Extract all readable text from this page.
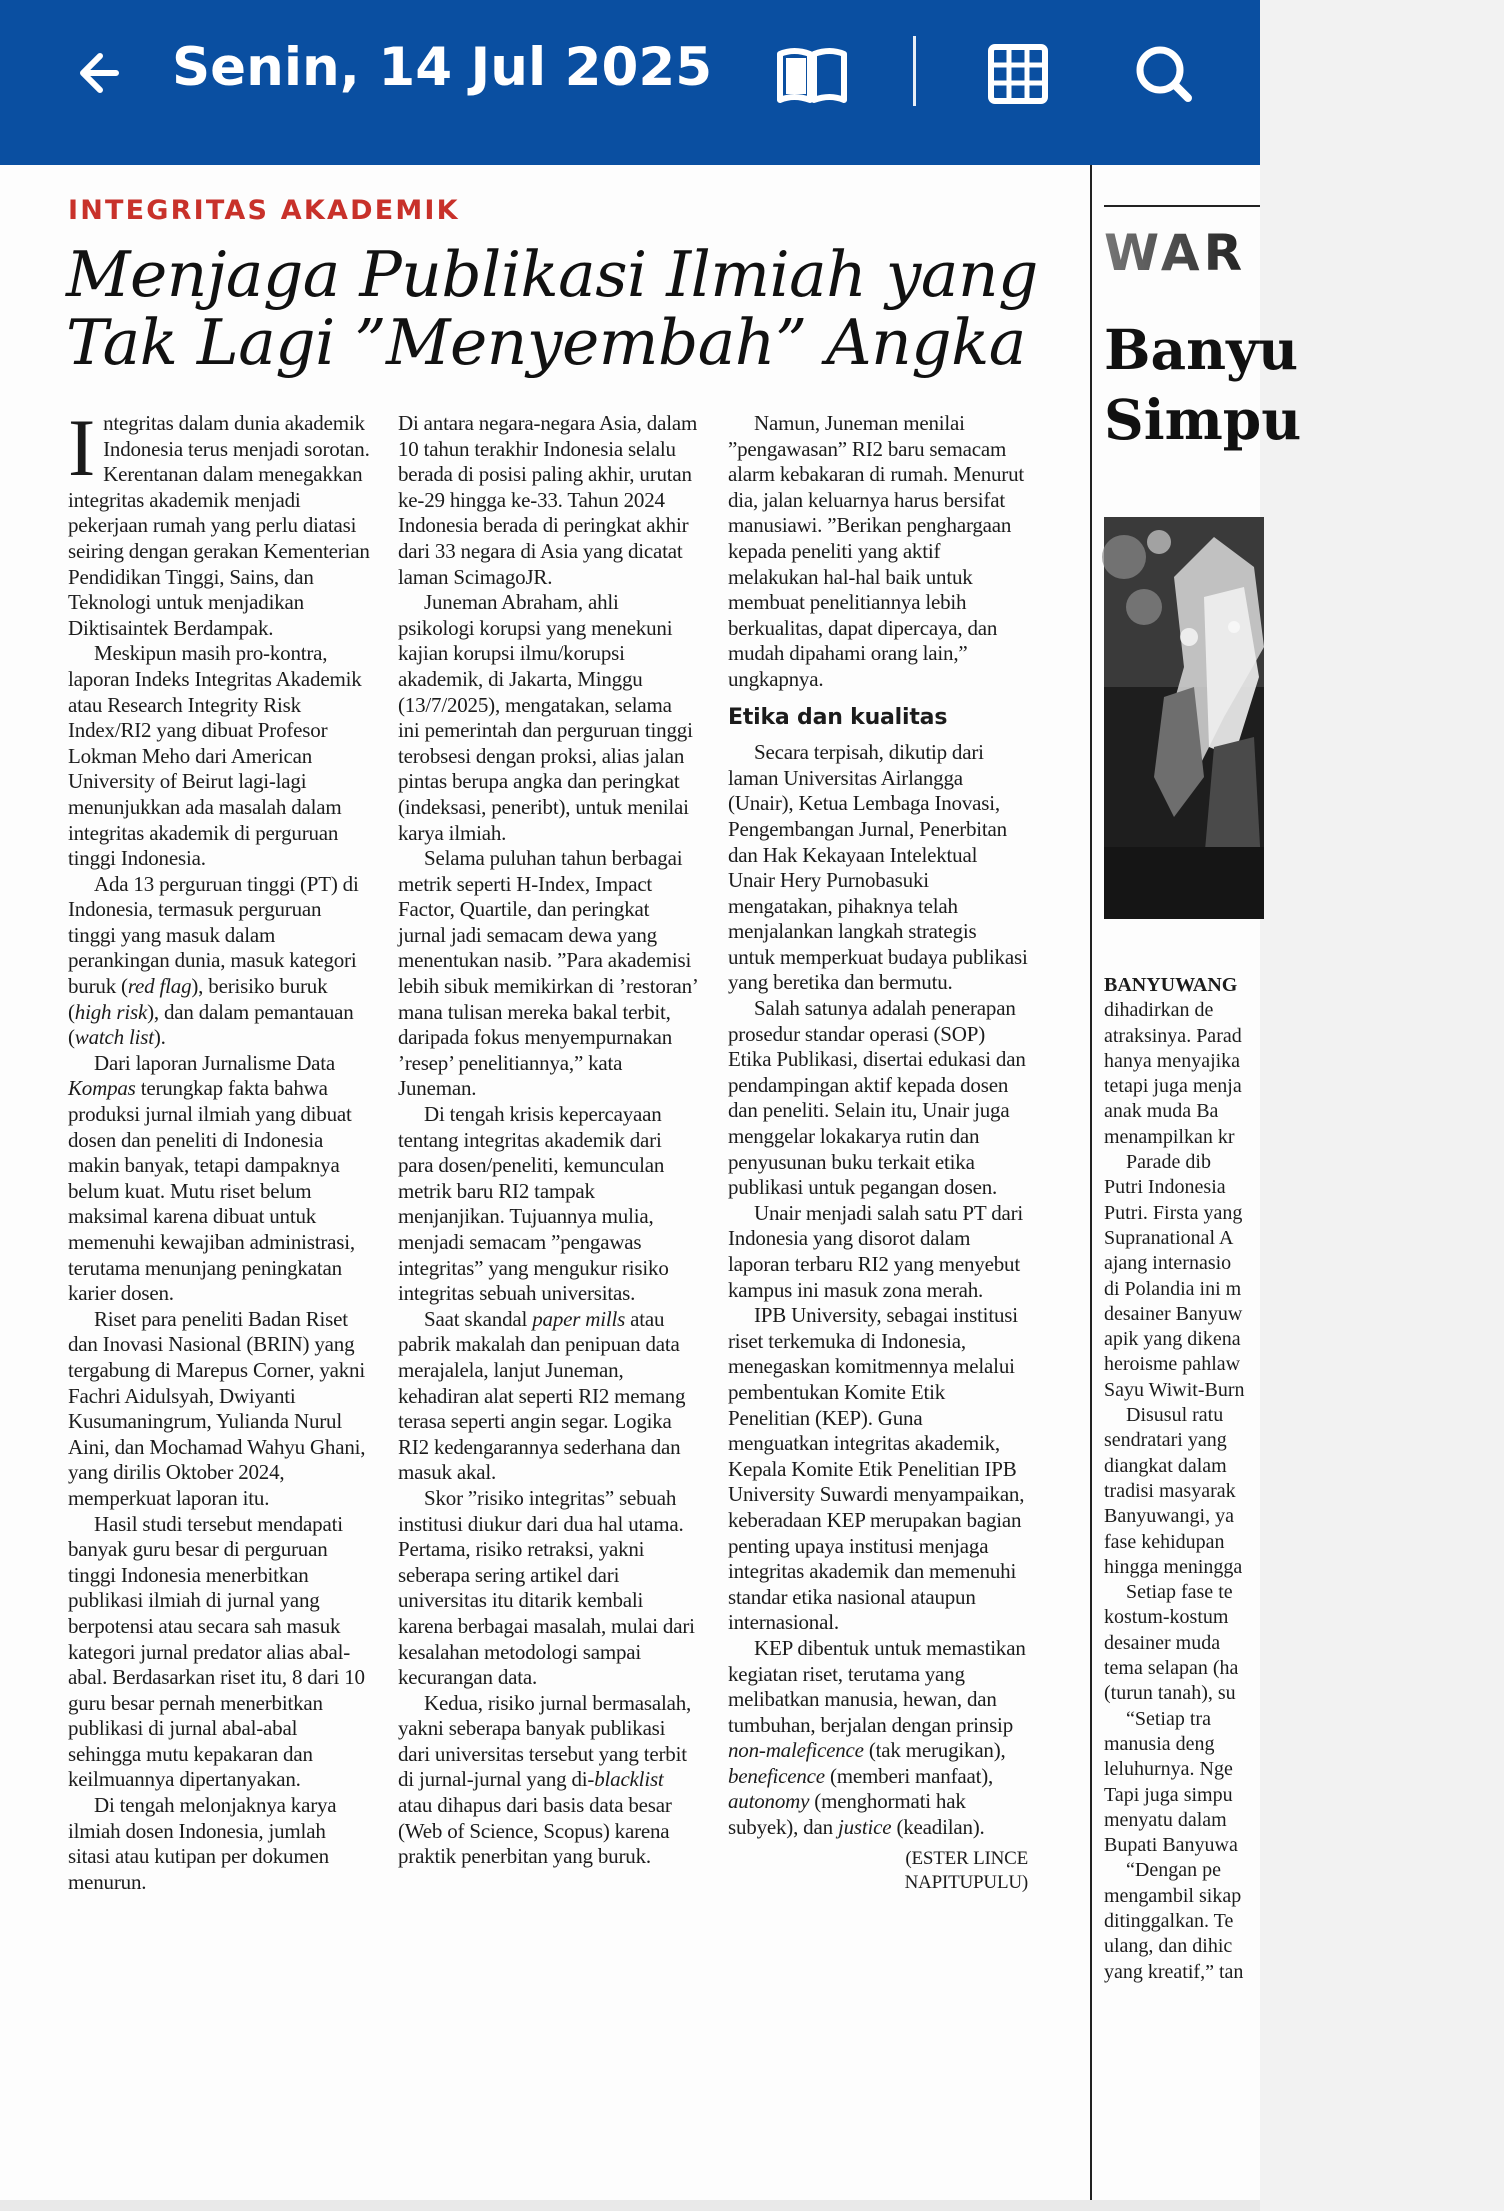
Senin, 14 Jul 2025
INTEGRITAS AKADEMIK
Menjaga Publikasi Ilmiah yang
Tak Lagi ”Menyembah” Angka

Integritas dalam dunia akademik Indonesia terus menjadi sorotan. Kerentanan dalam menegakkan integritas akademik menjadi pekerjaan rumah yang perlu diatasi seiring dengan gerakan Kementerian Pendidikan Tinggi, Sains, dan Teknologi untuk menjadikan Diktisaintek Berdampak.

Meskipun masih pro-kontra, laporan Indeks Integritas Akademik atau Research Integrity Risk Index/RI2 yang dibuat Profesor Lokman Meho dari American University of Beirut lagi-lagi menunjukkan ada masalah dalam integritas akademik di perguruan tinggi Indonesia.

Ada 13 perguruan tinggi (PT) di Indonesia, termasuk perguruan tinggi yang masuk dalam perankingan dunia, masuk kategori buruk (red flag), berisiko buruk (high risk), dan dalam pemantauan (watch list).

Dari laporan Jurnalisme Data Kompas terungkap fakta bahwa produksi jurnal ilmiah yang dibuat dosen dan peneliti di Indonesia makin banyak, tetapi dampaknya belum kuat. Mutu riset belum maksimal karena dibuat untuk memenuhi kewajiban administrasi, terutama menunjang peningkatan karier dosen.

Riset para peneliti Badan Riset dan Inovasi Nasional (BRIN) yang tergabung di Marepus Corner, yakni Fachri Aidulsyah, Dwiyanti Kusumaningrum, Yulianda Nurul Aini, dan Mochamad Wahyu Ghani, yang dirilis Oktober 2024, memperkuat laporan itu.

Hasil studi tersebut mendapati banyak guru besar di perguruan tinggi Indonesia menerbitkan publikasi ilmiah di jurnal yang berpotensi atau secara sah masuk kategori jurnal predator alias abal-abal. Berdasarkan riset itu, 8 dari 10 guru besar pernah menerbitkan publikasi di jurnal abal-abal sehingga mutu kepakaran dan keilmuannya dipertanyakan.

Di tengah melonjaknya karya ilmiah dosen Indonesia, jumlah sitasi atau kutipan per dokumen menurun.

Di antara negara-negara Asia, dalam 10 tahun terakhir Indonesia selalu berada di posisi paling akhir, urutan ke-29 hingga ke-33. Tahun 2024 Indonesia berada di peringkat akhir dari 33 negara di Asia yang dicatat laman ScimagoJR.

Juneman Abraham, ahli psikologi korupsi yang menekuni kajian korupsi ilmu/korupsi akademik, di Jakarta, Minggu (13/7/2025), mengatakan, selama ini pemerintah dan perguruan tinggi terobsesi dengan proksi, alias jalan pintas berupa angka dan peringkat (indeksasi, peneribt), untuk menilai karya ilmiah.

Selama puluhan tahun berbagai metrik seperti H-Index, Impact Factor, Quartile, dan peringkat jurnal jadi semacam dewa yang menentukan nasib. ”Para akademisi lebih sibuk memikirkan di ’restoran’ mana tulisan mereka bakal terbit, daripada fokus menyempurnakan ’resep’ penelitiannya,” kata Juneman.

Di tengah krisis kepercayaan tentang integritas akademik dari para dosen/peneliti, kemunculan metrik baru RI2 tampak menjanjikan. Tujuannya mulia, menjadi semacam ”pengawas integritas” yang mengukur risiko integritas sebuah universitas.

Saat skandal paper mills atau pabrik makalah dan penipuan data merajalela, lanjut Juneman, kehadiran alat seperti RI2 memang terasa seperti angin segar. Logika RI2 kedengarannya sederhana dan masuk akal.

Skor ”risiko integritas” sebuah institusi diukur dari dua hal utama. Pertama, risiko retraksi, yakni seberapa sering artikel dari universitas itu ditarik kembali karena berbagai masalah, mulai dari kesalahan metodologi sampai kecurangan data.

Kedua, risiko jurnal bermasalah, yakni seberapa banyak publikasi dari universitas tersebut yang terbit di jurnal-jurnal yang di-blacklist atau dihapus dari basis data besar (Web of Science, Scopus) karena praktik penerbitan yang buruk.

Namun, Juneman menilai ”pengawasan” RI2 baru semacam alarm kebakaran di rumah. Menurut dia, jalan keluarnya harus bersifat manusiawi. ”Berikan penghargaan kepada peneliti yang aktif melakukan hal-hal baik untuk membuat penelitiannya lebih berkualitas, dapat dipercaya, dan mudah dipahami orang lain,” ungkapnya.

Etika dan kualitas

Secara terpisah, dikutip dari laman Universitas Airlangga (Unair), Ketua Lembaga Inovasi, Pengembangan Jurnal, Penerbitan dan Hak Kekayaan Intelektual Unair Hery Purnobasuki mengatakan, pihaknya telah menjalankan langkah strategis untuk memperkuat budaya publikasi yang beretika dan bermutu.

Salah satunya adalah penerapan prosedur standar operasi (SOP) Etika Publikasi, disertai edukasi dan pendampingan aktif kepada dosen dan peneliti. Selain itu, Unair juga menggelar lokakarya rutin dan penyusunan buku terkait etika publikasi untuk pegangan dosen.

Unair menjadi salah satu PT dari Indonesia yang disorot dalam laporan terbaru RI2 yang menyebut kampus ini masuk zona merah.

IPB University, sebagai institusi riset terkemuka di Indonesia, menegaskan komitmennya melalui pembentukan Komite Etik Penelitian (KEP). Guna menguatkan integritas akademik, Kepala Komite Etik Penelitian IPB University Suwardi menyampaikan, keberadaan KEP merupakan bagian penting upaya institusi menjaga integritas akademik dan memenuhi standar etika nasional ataupun internasional.

KEP dibentuk untuk memastikan kegiatan riset, terutama yang melibatkan manusia, hewan, dan tumbuhan, berjalan dengan prinsip non-maleficence (tak merugikan), beneficence (memberi manfaat), autonomy (menghormati hak subyek), dan justice (keadilan).

(ESTER LINCE
NAPITUPULU)
WAR
Banyu
Simpu

BANYUWANG

dihadirkan de

atraksinya. Parad

hanya menyajika

tetapi juga menja

anak muda Ba

menampilkan kr

Parade dib

Putri Indonesia

Putri. Firsta yang

Supranational A

ajang internasio

di Polandia ini m

desainer Banyuw

apik yang dikena

heroisme pahlaw

Sayu Wiwit-Burn

Disusul ratu

sendratari yang

diangkat dalam

tradisi masyarak

Banyuwangi, ya

fase kehidupan

hingga meningga

Setiap fase te

kostum-kostum

desainer muda

tema selapan (ha

(turun tanah), su

“Setiap tra

manusia deng

leluhurnya. Nge

Tapi juga simpu

menyatu dalam

Bupati Banyuwa

“Dengan pe

mengambil sikap

ditinggalkan. Te

ulang, dan dihic

yang kreatif,” tan
